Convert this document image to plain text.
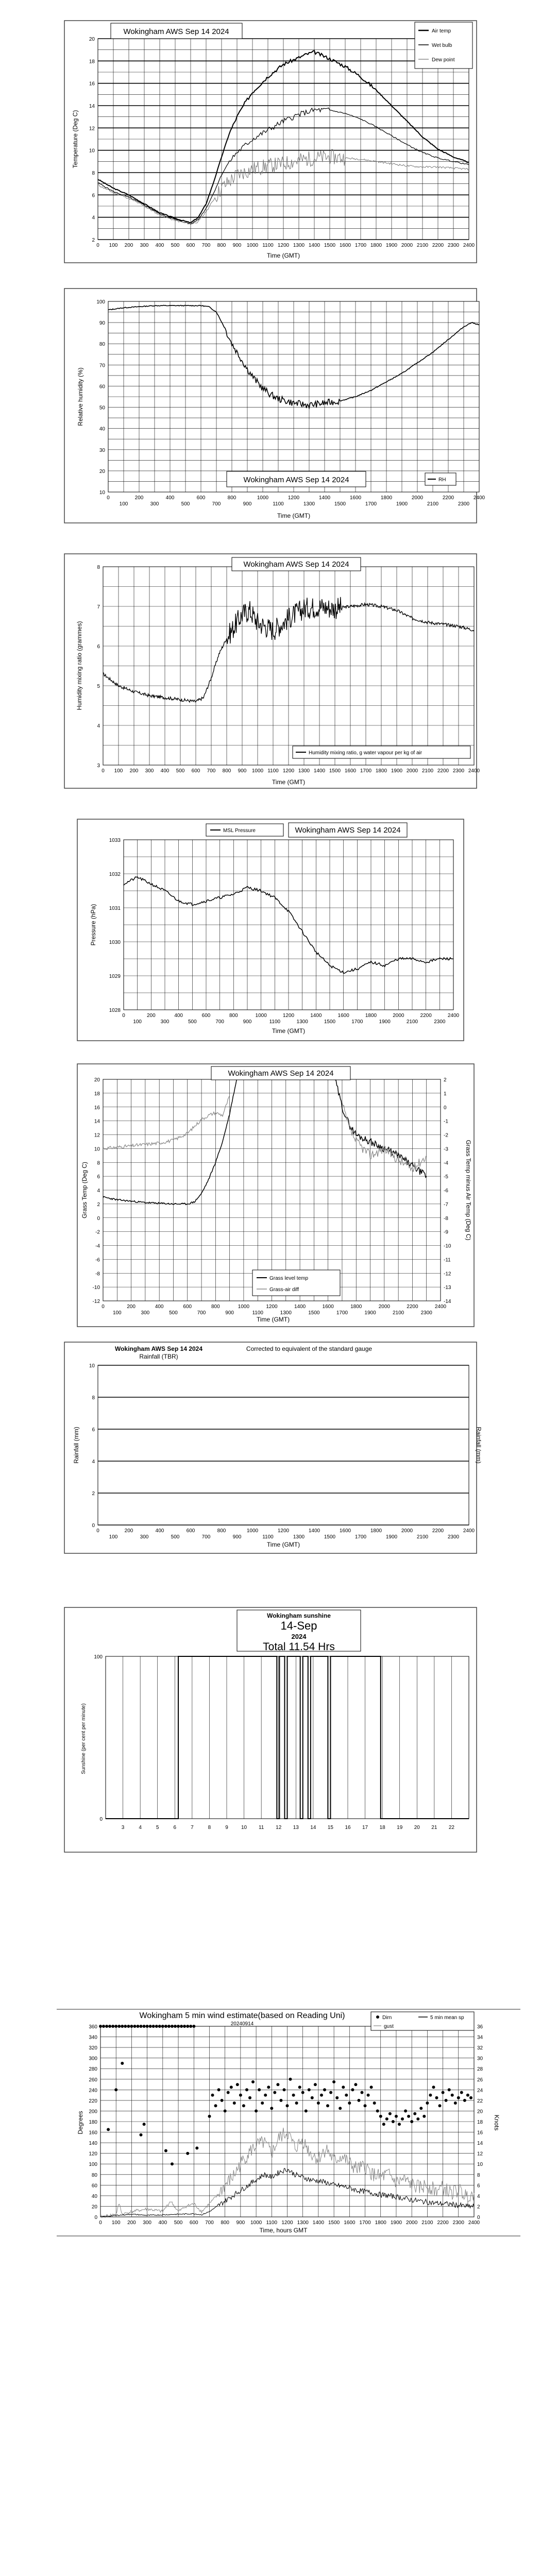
2
4
6
8
10
12
14
16
18
20
0 100 200 300 400 500 600 700 800 900 1000 1100 1200 1300 1400 1500 1600 1700 1800 1900 2000 2100 2200 2300 2400
Wokingham AWS Sep 14 2024
Time (GMT)
Temperature (Deg C)
Air temp
Wet bulb
Dew point
10
20
30
40
50
60
70
80
90
100
0	200	400	600	800	1000	1200	1400	1600	1800	2000	2200	2400
100	300	500	700	900	1100	1300	1500	1700	1900	2100	2300
Wokingham AWS Sep 14 2024
Time (GMT)
Relative humidity (%)
RH
3
4
5
6
7
8
0 100 200 300 400 500 600 700 800 900 1000 1100 1200 1300 1400 1500 1600 1700 1800 1900 2000 2100 2200 2300 2400
Wokingham AWS Sep 14 2024
Time (GMT)
Humidity mixing ratio (grammes)
Humidity mixing ratio, g water vapour per kg of air
1028
1029
1030
1031
1032
1033
0	200	400	600	800	1000	1200	1400	1600	1800	2000	2200	2400
100	300	500	700	900	1100	1300	1500	1700	1900	2100	2300
Wokingham AWS Sep 14 2024
Time (GMT)
Pressure (hPa)
MSL Pressure
20
18
16
14
12
10
8
6
4
2
0
-2
-4
-6
-8
-10
-12
2
1
0
-1
-2
-3
-4
-5
-6
-7
-8
-9
-10
-11
-12
-13
-14
0	200	400	600	800	1000	1200	1400	1600	1800	2000	2200	2400
100	300	500	700	900	1100	1300	1500	1700	1900	2100	2300
Wokingham AWS Sep 14 2024
Time (GMT)
Grass Temp (Deg C)	Grass Temp minus Air Temp (Deg C)
Grass level temp
Grass-air diff
0
2
4
6
8
10
0	200	400	600	800	1000	1200	1400	1600	1800	2000	2200	2400
100	300	500	700	900	1100	1300	1500	1700	1900	2100	2300
Wokingham AWS Sep 14 2024
Rainfall (TBR)
Corrected to equivalent of the standard gauge
Time (GMT)
Rainfall (mm)	Rainfall (mm)
0
100
3	4	5	6	7	8	9	10 11 12 13 14 15 16 17 18 19 20 21 22
Wokingham sunshine
14-Sep
2024
Total 11.54 Hrs
Sunshine (per cent per minute)
0
20
40
60
80
100
120
140
160
180
200
220
240
260
280
300
320
340
360
0
2
4
6
8
10
12
14
16
18
20
22
24
26
28
30
32
34
36
0 100 200 300 400 500 600 700 800 900 1000 1100 1200 1300 1400 1500 1600 1700 1800 1900 2000 2100 2200 2300 2400
Wokingham 5 min wind estimate(based on Reading Uni)
20240914
Time, hours GMT
Degrees	Knots
Dirn	5 min mean sp
gust
